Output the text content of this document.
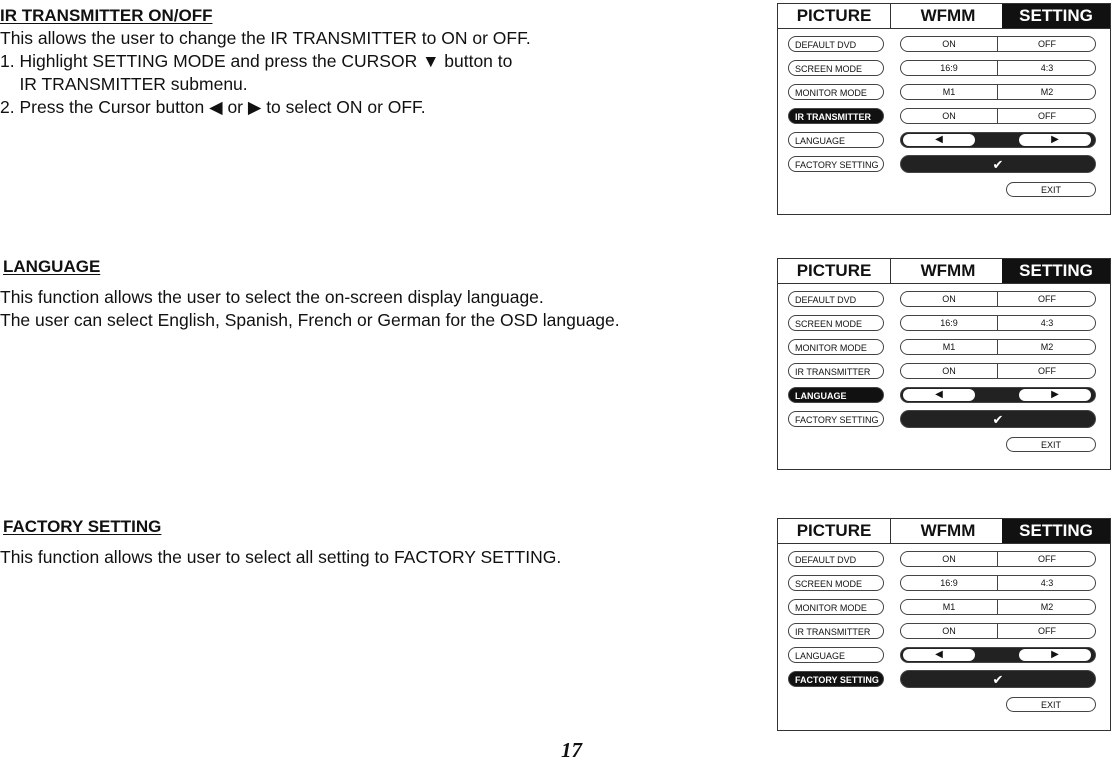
IR TRANSMITTER ON/OFF

This allows the user to change the IR TRANSMITTER to ON or OFF.

1. Highlight SETTING MODE and press the CURSOR ▼ button to

IR TRANSMITTER submenu.

2. Press the Cursor button ◀ or ▶ to select ON or OFF.

LANGUAGE

This function allows the user to select the on-screen display language.

The user can select English, Spanish, French or German for the OSD language.

FACTORY SETTING

This function allows the user to select all setting to FACTORY SETTING.

PICTURE	WFMM	SETTING
DEFAULT DVD	ON	OFF
SCREEN MODE	16:9	4:3
MONITOR MODE	M1	M2
IR TRANSMITTER	ON	OFF
LANGUAGE	◀	▶
FACTORY SETTING	✔
EXIT
PICTURE	WFMM	SETTING
DEFAULT DVD	ON	OFF
SCREEN MODE	16:9	4:3
MONITOR MODE	M1	M2
IR TRANSMITTER	ON	OFF
LANGUAGE	◀	▶
FACTORY SETTING	✔
EXIT
PICTURE	WFMM	SETTING
DEFAULT DVD	ON	OFF
SCREEN MODE	16:9	4:3
MONITOR MODE	M1	M2
IR TRANSMITTER	ON	OFF
LANGUAGE	◀	▶
FACTORY SETTING	✔
EXIT
17
